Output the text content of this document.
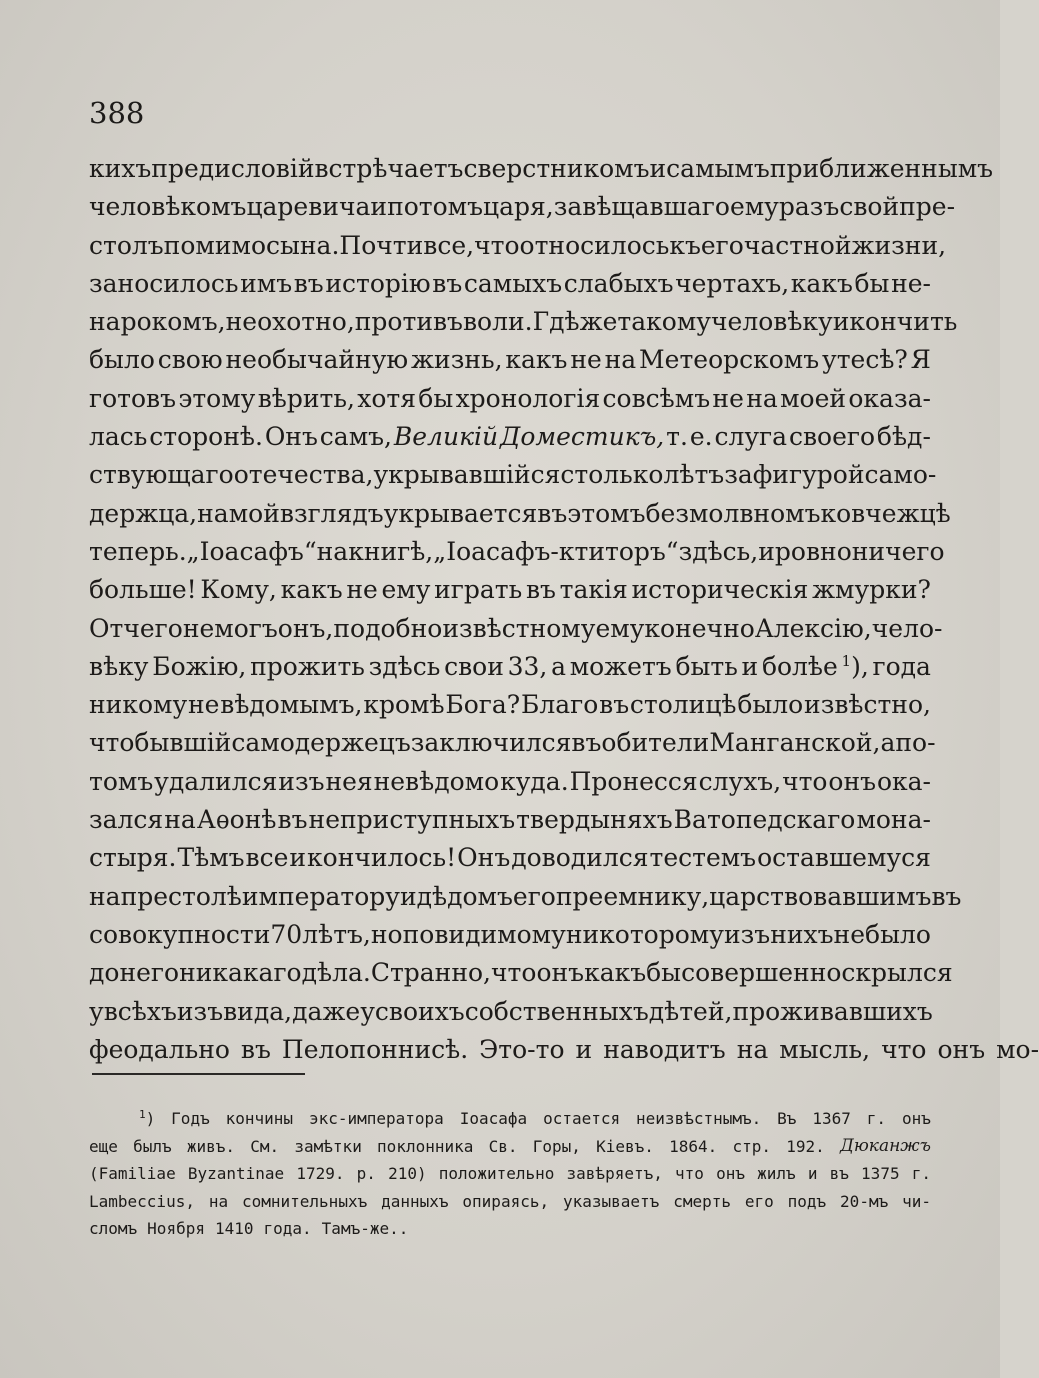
388
кихъ предисловій встрѣчаетъ сверстникомъ и самымъ приближеннымъ
человѣкомъ царевича и потомъ царя, завѣщавшаго ему разъ свой пре-
столъ помимо сына. Почти все, что относилось къ его частной жизни,
заносилось имъ въ исторію въ самыхъ слабыхъ чертахъ, какъ бы не-
нарокомъ, неохотно, противъ воли. Гдѣ же такому человѣку и кончить
было свою необычайную жизнь, какъ не на Метеорскомъ утесѣ? Я
готовъ этому вѣрить, хотя бы хронологія совсѣмъ не на моей оказа-
лась сторонѣ. Онъ самъ, Великій Доместикъ, т. е. слуга своего бѣд-
ствующаго отечества, укрывавшійся столько лѣтъ за фигурой само-
держца, на мой взглядъ укрывается въ этомъ безмолвномъ ковчежцѣ
теперь. „Іоасафъ“ на книгѣ, „Іоасафъ-ктиторъ“ здѣсь, и ровно ничего
больше! Кому, какъ не ему играть въ такія историческія жмурки?
Отчего не могъ онъ, подобно извѣстному ему конечно Алексію, чело-
вѣку Божію, прожить здѣсь свои 33, а можетъ быть и болѣе $^1$), года
никому не вѣдомымъ, кромѣ Бога? Благо въ столицѣ было извѣстно,
что бывшій самодержецъ заключился въ обители Манганской, а по-
томъ удалился изъ нея невѣдомо куда. Пронесся слухъ, что онъ ока-
зался на Аѳонѣ въ неприступныхъ твердыняхъ Ватопедскаго мона-
стыря. Тѣмъ все и кончилось! Онъ доводился тестемъ оставшемуся
на престолѣ императору и дѣдомъ его преемнику, царствовавшимъ въ
совокупности 70 лѣтъ, но повидимому ни которому изъ нихъ не было
до него никакаго дѣла. Странно, что онъ какъ бы совершенно скрылся
у всѣхъ изъ вида, даже у своихъ собственныхъ дѣтей, проживавшихъ
феодально въ Пелопоннисѣ. Это-то и наводитъ на мысль, что онъ мо-
$^1$) Годъ кончины экс-императора Іоасафа остается неизвѣстнымъ. Въ 1367 г. онъ
еще былъ живъ. См. замѣтки поклонника Св. Горы, Кіевъ. 1864. стр. 192. Дюканжъ
(Familiae Byzantinae 1729. p. 210) положительно завѣряетъ, что онъ жилъ и въ 1375 г.
Lambeccius, на сомнительныхъ данныхъ опираясь, указываетъ смерть его подъ 20-мъ чи-
сломъ Ноября 1410 года. Тамъ-же..
